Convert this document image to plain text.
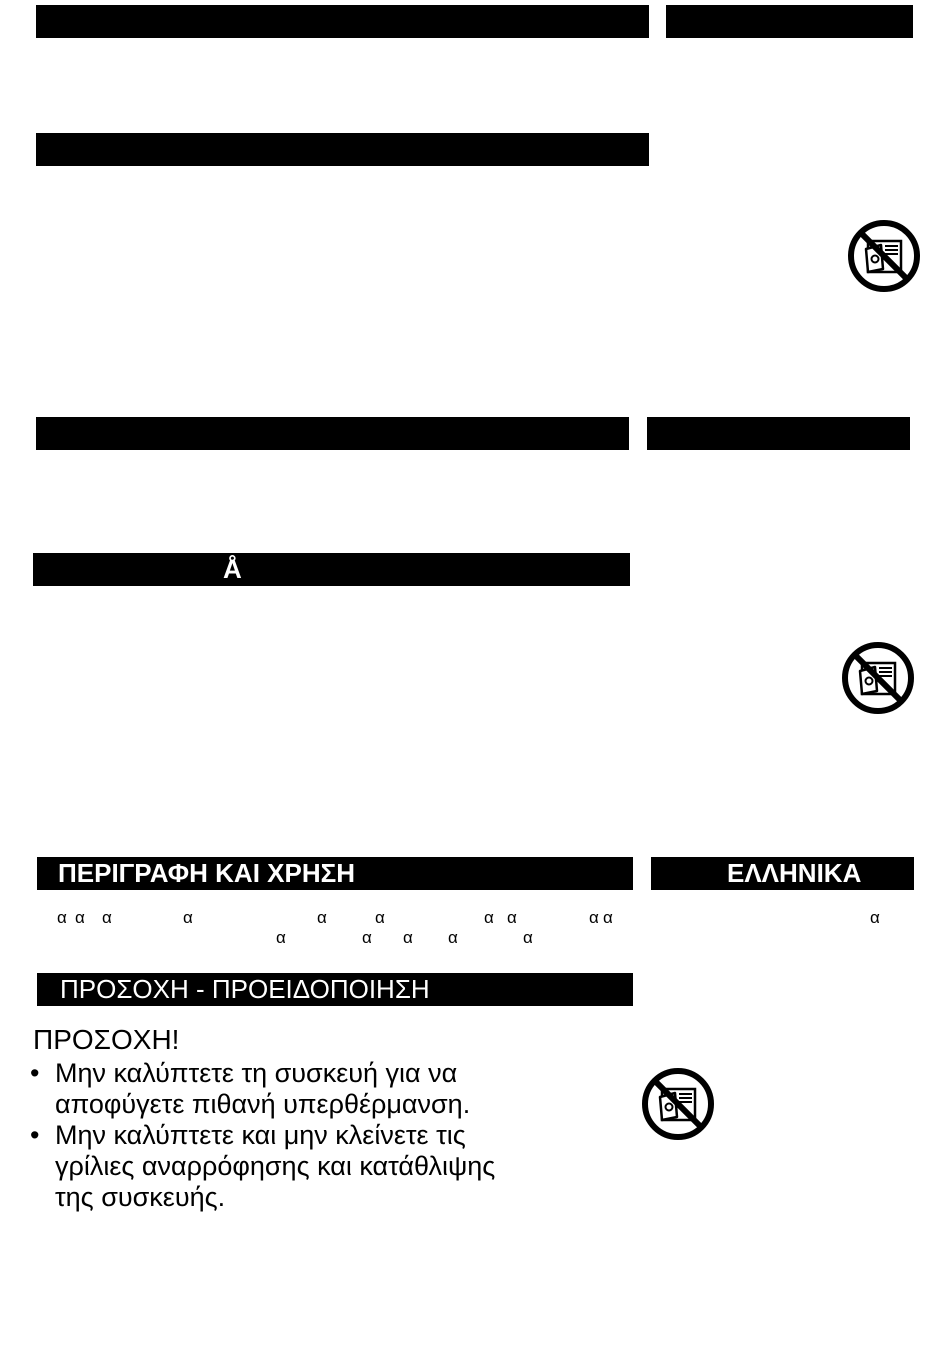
Å
ΠΕΡΙΓΡΑΦΗ ΚΑΙ ΧΡΗΣΗ	ΕΛΛΗΝΙΚΑ
α α α	α	α	α	α α	α α	α
α	α α α	α
ΠΡΟΣΟΧΗ - ΠΡΟΕΙΔΟΠΟΙΗΣΗ
ΠΡΟΣΟΧΗ!
• Μην καλύπτετε τη συσκευή για να
αποφύγετε πιθανή υπερθέρμανση.
• Μην καλύπτετε και μην κλείνετε τις
γρίλιες αναρρόφησης και κατάθλιψης
της συσκευής.
